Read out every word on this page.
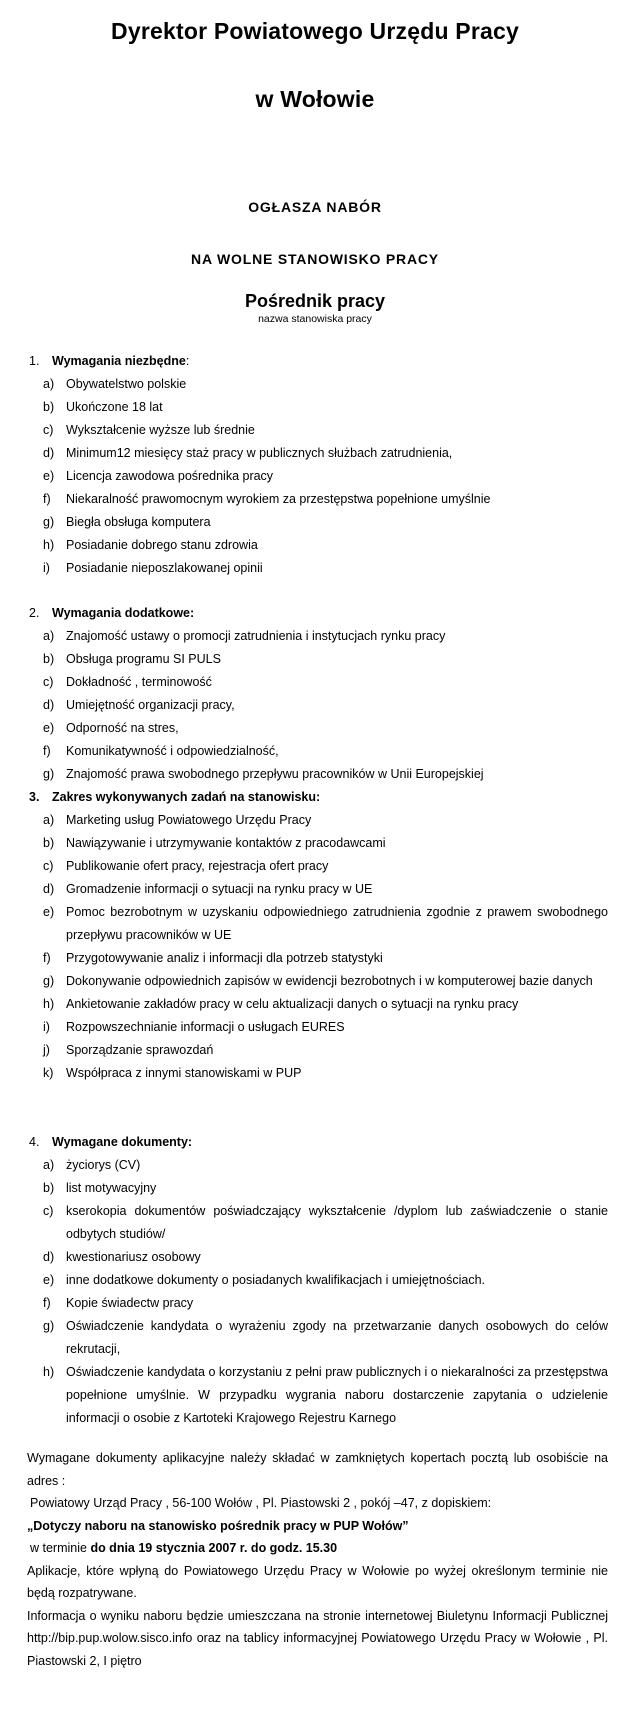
Dyrektor Powiatowego Urzędu Pracy
w Wołowie
OGŁASZA NABÓR
NA WOLNE STANOWISKO PRACY
Pośrednik pracy
nazwa stanowiska pracy
1. Wymagania niezbędne:
a) Obywatelstwo polskie
b) Ukończone 18 lat
c) Wykształcenie wyższe lub średnie
d) Minimum12 miesięcy staż pracy w publicznych służbach zatrudnienia,
e) Licencja zawodowa pośrednika pracy
f) Niekaralność prawomocnym wyrokiem za przestępstwa popełnione umyślnie
g) Biegła obsługa komputera
h) Posiadanie dobrego stanu zdrowia
i) Posiadanie nieposzlakowanej opinii
2. Wymagania dodatkowe:
a) Znajomość ustawy o promocji zatrudnienia i instytucjach rynku pracy
b) Obsługa programu SI PULS
c) Dokładność , terminowość
d) Umiejętność organizacji pracy,
e) Odporność na stres,
f) Komunikatywność i odpowiedzialność,
g) Znajomość prawa swobodnego przepływu pracowników w Unii Europejskiej
3. Zakres wykonywanych zadań na stanowisku:
a) Marketing usług Powiatowego Urzędu Pracy
b) Nawiązywanie i utrzymywanie kontaktów z pracodawcami
c) Publikowanie ofert pracy, rejestracja ofert pracy
d) Gromadzenie informacji o sytuacji na rynku pracy w UE
e) Pomoc bezrobotnym w uzyskaniu odpowiedniego zatrudnienia zgodnie z prawem swobodnego przepływu pracowników w UE
f) Przygotowywanie analiz i informacji dla potrzeb statystyki
g) Dokonywanie odpowiednich zapisów w ewidencji bezrobotnych i w komputerowej bazie danych
h) Ankietowanie zakładów pracy w celu aktualizacji danych o sytuacji na rynku pracy
i) Rozpowszechnianie informacji o usługach EURES
j) Sporządzanie sprawozdań
k) Współpraca z innymi stanowiskami w PUP
4. Wymagane dokumenty:
a) życiorys (CV)
b) list motywacyjny
c) kserokopia dokumentów poświadczający wykształcenie /dyplom lub zaświadczenie o stanie odbytych studiów/
d) kwestionariusz osobowy
e) inne dodatkowe dokumenty o posiadanych kwalifikacjach i umiejętnościach.
f) Kopie świadectw pracy
g) Oświadczenie kandydata o wyrażeniu zgody na przetwarzanie danych osobowych do celów rekrutacji,
h) Oświadczenie kandydata o korzystaniu z pełni praw publicznych i o niekaralności za przestępstwa popełnione umyślnie. W przypadku wygrania naboru dostarczenie zapytania o udzielenie informacji o osobie z Kartoteki Krajowego Rejestru Karnego
Wymagane dokumenty aplikacyjne należy składać w zamkniętych kopertach pocztą lub osobiście na adres :
Powiatowy Urząd Pracy , 56-100 Wołów , Pl. Piastowski 2 , pokój –47, z dopiskiem:
„Dotyczy naboru na stanowisko pośrednik pracy w PUP Wołów”
w terminie do dnia 19 stycznia 2007 r. do godz. 15.30
Aplikacje, które wpłyną do Powiatowego Urzędu Pracy w Wołowie po wyżej określonym terminie nie będą rozpatrywane.
Informacja o wyniku naboru będzie umieszczana na stronie internetowej Biuletynu Informacji Publicznej http://bip.pup.wolow.sisco.info oraz na tablicy informacyjnej Powiatowego Urzędu Pracy w Wołowie , Pl. Piastowski 2, I piętro
